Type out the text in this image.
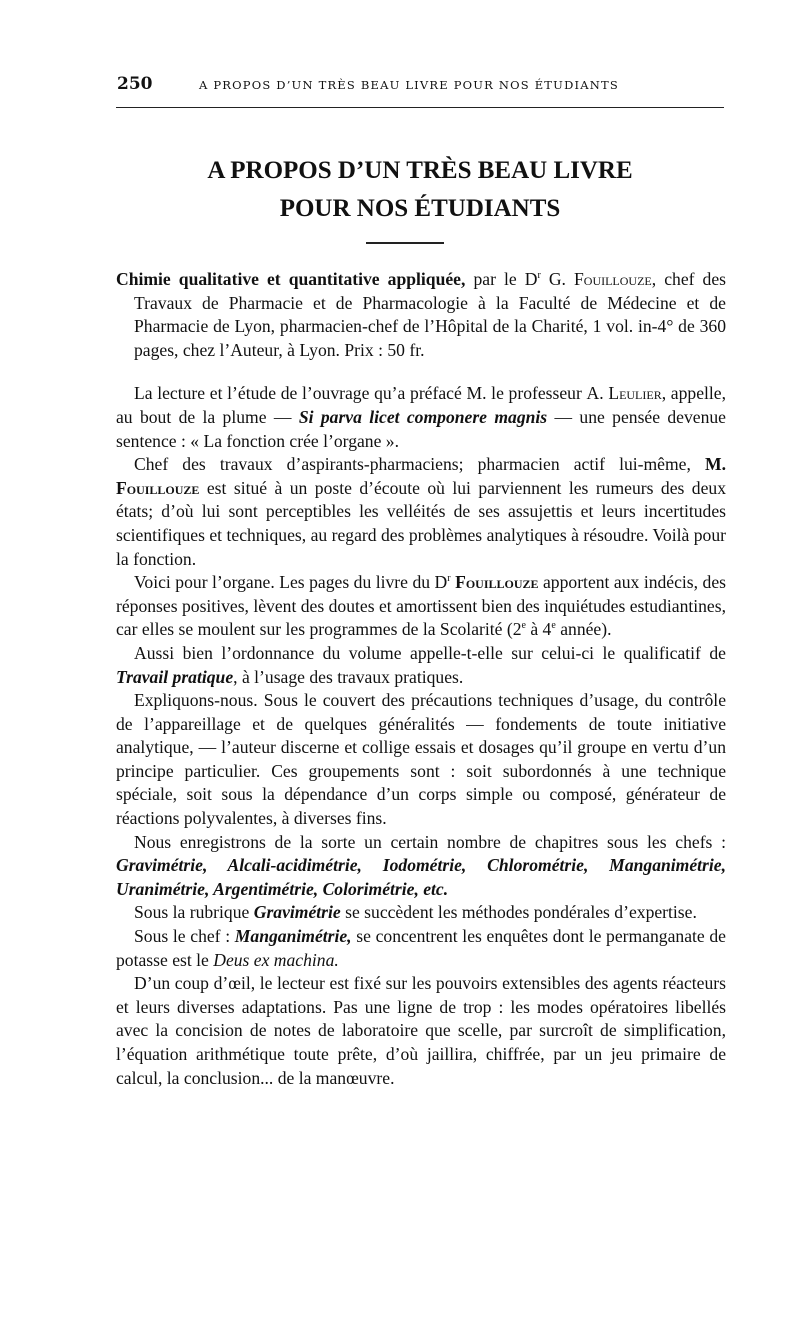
250	A PROPOS D’UN TRÈS BEAU LIVRE POUR NOS ÉTUDIANTS
A PROPOS D’UN TRÈS BEAU LIVRE
POUR NOS ÉTUDIANTS

Chimie qualitative et quantitative appliquée, par le $D^r$ G. Fouillouze, chef des Travaux de Pharmacie et de Pharmacologie à la Faculté de Médecine et de Pharmacie de Lyon, pharmacien-chef de l’Hôpital de la Charité, 1 vol. in-4° de 360 pages, chez l’Auteur, à Lyon. Prix : 50 fr.

La lecture et l’étude de l’ouvrage qu’a préfacé M. le professeur A. Leulier, appelle, au bout de la plume — Si parva licet componere magnis — une pensée devenue sentence : « La fonction crée l’organe ».

Chef des travaux d’aspirants-pharmaciens; pharmacien actif lui-même, M. Fouillouze est situé à un poste d’écoute où lui parviennent les rumeurs des deux états; d’où lui sont perceptibles les velléités de ses assujettis et leurs incertitudes scientifiques et techniques, au regard des problèmes analytiques à résoudre. Voilà pour la fonction.

Voici pour l’organe. Les pages du livre du $D^r$ Fouillouze apportent aux indécis, des réponses positives, lèvent des doutes et amortissent bien des inquiétudes estudiantines, car elles se moulent sur les programmes de la Scolarité (2e à 4e année).

Aussi bien l’ordonnance du volume appelle-t-elle sur celui-ci le qualificatif de Travail pratique, à l’usage des travaux pratiques.

Expliquons-nous. Sous le couvert des précautions techniques d’usage, du contrôle de l’appareillage et de quelques généralités — fondements de toute initiative analytique, — l’auteur discerne et collige essais et dosages qu’il groupe en vertu d’un principe particulier. Ces groupements sont : soit subordonnés à une technique spéciale, soit sous la dépendance d’un corps simple ou composé, générateur de réactions polyvalentes, à diverses fins.

Nous enregistrons de la sorte un certain nombre de chapitres sous les chefs : Gravimétrie, Alcali-acidimétrie, Iodométrie, Chlorométrie, Manganimétrie, Uranimétrie, Argentimétrie, Colorimétrie, etc.

Sous la rubrique Gravimétrie se succèdent les méthodes pondérales d’expertise.

Sous le chef : Manganimétrie, se concentrent les enquêtes dont le permanganate de potasse est le Deus ex machina.

D’un coup d’œil, le lecteur est fixé sur les pouvoirs extensibles des agents réacteurs et leurs diverses adaptations. Pas une ligne de trop : les modes opératoires libellés avec la concision de notes de laboratoire que scelle, par surcroît de simplification, l’équation arithmétique toute prête, d’où jaillira, chiffrée, par un jeu primaire de calcul, la conclusion... de la manœuvre.
